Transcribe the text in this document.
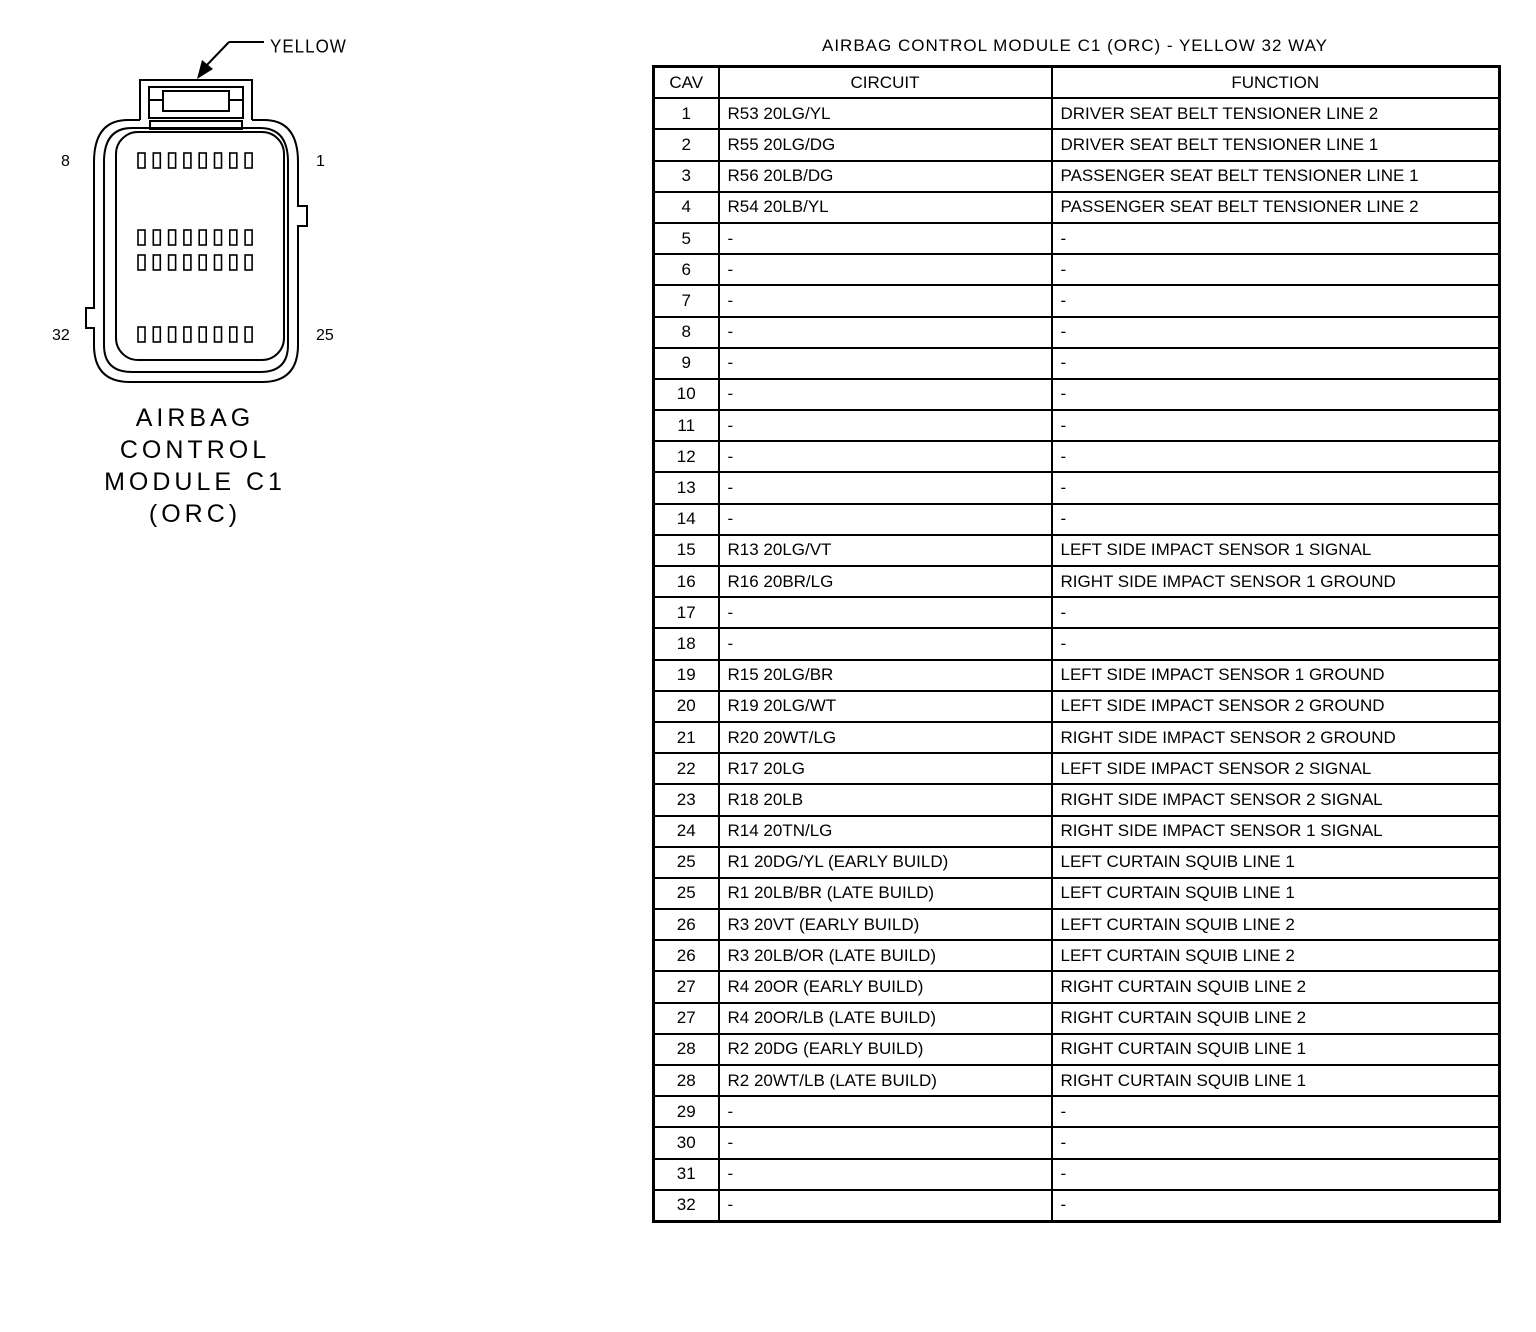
YELLOW
8	1
32	25
AIRBAG
CONTROL
MODULE C1
(ORC)
AIRBAG CONTROL MODULE C1 (ORC) - YELLOW 32 WAY
CAV	CIRCUIT	FUNCTION
1	R53 20LG/YL	DRIVER SEAT BELT TENSIONER LINE 2
2	R55 20LG/DG	DRIVER SEAT BELT TENSIONER LINE 1
3	R56 20LB/DG	PASSENGER SEAT BELT TENSIONER LINE 1
4	R54 20LB/YL	PASSENGER SEAT BELT TENSIONER LINE 2
5	-	-
6	-	-
7	-	-
8	-	-
9	-	-
10	-	-
11	-	-
12	-	-
13	-	-
14	-	-
15	R13 20LG/VT	LEFT SIDE IMPACT SENSOR 1 SIGNAL
16	R16 20BR/LG	RIGHT SIDE IMPACT SENSOR 1 GROUND
17	-	-
18	-	-
19	R15 20LG/BR	LEFT SIDE IMPACT SENSOR 1 GROUND
20	R19 20LG/WT	LEFT SIDE IMPACT SENSOR 2 GROUND
21	R20 20WT/LG	RIGHT SIDE IMPACT SENSOR 2 GROUND
22	R17 20LG	LEFT SIDE IMPACT SENSOR 2 SIGNAL
23	R18 20LB	RIGHT SIDE IMPACT SENSOR 2 SIGNAL
24	R14 20TN/LG	RIGHT SIDE IMPACT SENSOR 1 SIGNAL
25	R1 20DG/YL (EARLY BUILD)	LEFT CURTAIN SQUIB LINE 1
25	R1 20LB/BR (LATE BUILD)	LEFT CURTAIN SQUIB LINE 1
26	R3 20VT (EARLY BUILD)	LEFT CURTAIN SQUIB LINE 2
26	R3 20LB/OR (LATE BUILD)	LEFT CURTAIN SQUIB LINE 2
27	R4 20OR (EARLY BUILD)	RIGHT CURTAIN SQUIB LINE 2
27	R4 20OR/LB (LATE BUILD)	RIGHT CURTAIN SQUIB LINE 2
28	R2 20DG (EARLY BUILD)	RIGHT CURTAIN SQUIB LINE 1
28	R2 20WT/LB (LATE BUILD)	RIGHT CURTAIN SQUIB LINE 1
29	-	-
30	-	-
31	-	-
32	-	-
